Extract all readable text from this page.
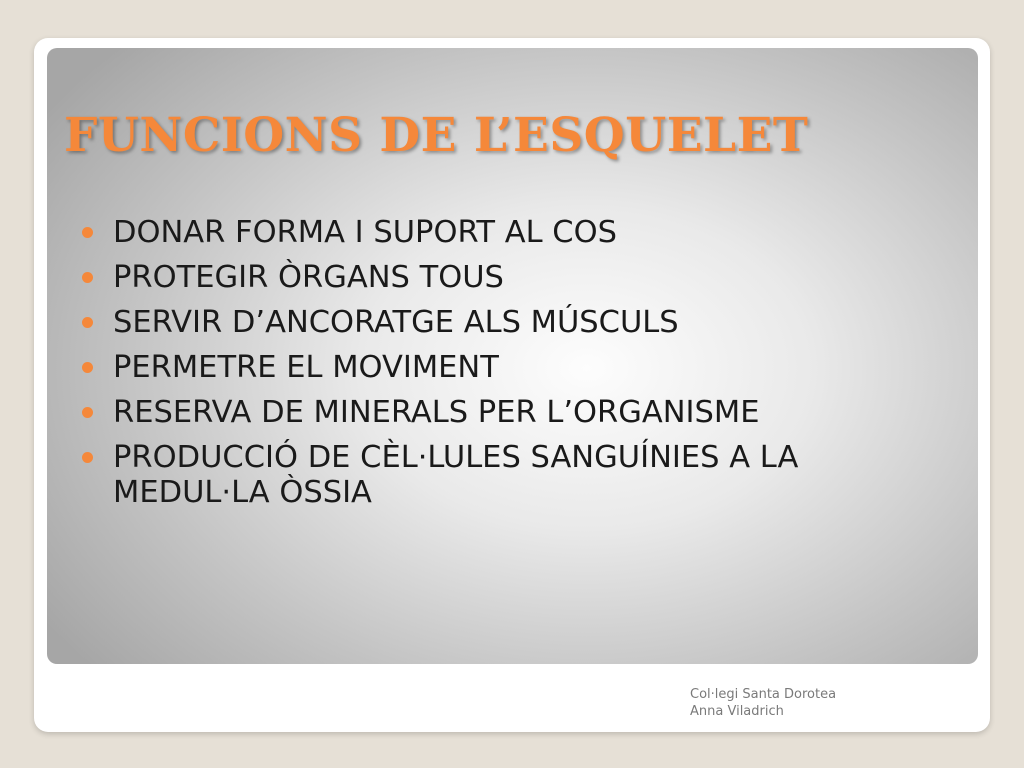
FUNCIONS DE L’ESQUELET
DONAR FORMA I SUPORT AL COS
PROTEGIR ÒRGANS TOUS
SERVIR D’ANCORATGE ALS MÚSCULS
PERMETRE EL MOVIMENT
RESERVA DE MINERALS PER L’ORGANISME
PRODUCCIÓ DE CÈL·LULES SANGUÍNIES A LA
MEDUL·LA ÒSSIA
Col·legi Santa Dorotea
Anna Viladrich
